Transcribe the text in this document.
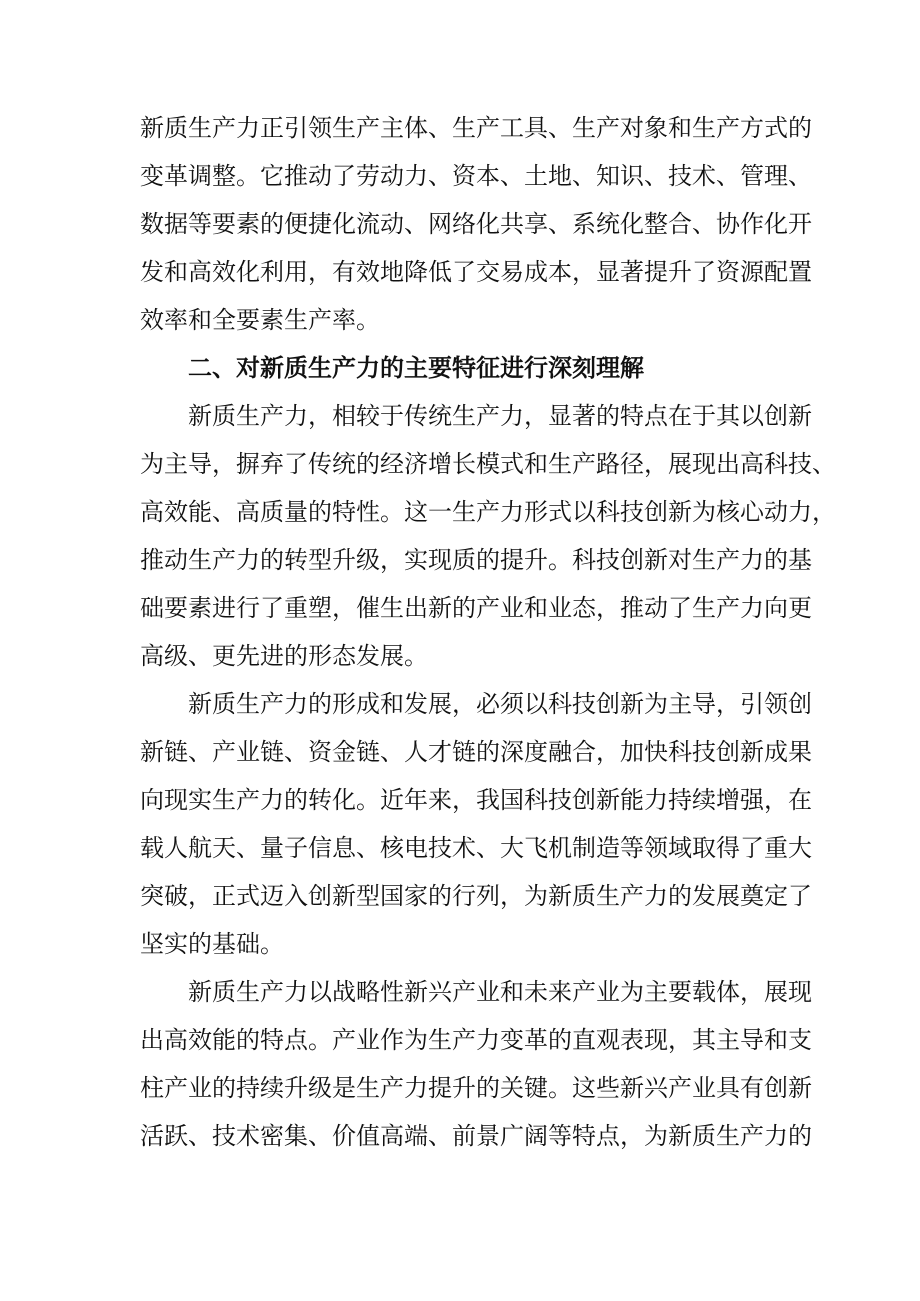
新质生产力正引领生产主体、生产工具、生产对象和生产方式的
变革调整。它推动了劳动力、资本、土地、知识、技术、管理、
数据等要素的便捷化流动、网络化共享、系统化整合、协作化开
发和高效化利用，有效地降低了交易成本，显著提升了资源配置
效率和全要素生产率。
二、对新质生产力的主要特征进行深刻理解
新质生产力，相较于传统生产力，显著的特点在于其以创新
为主导，摒弃了传统的经济增长模式和生产路径，展现出高科技、
高效能、高质量的特性。这一生产力形式以科技创新为核心动力，
推动生产力的转型升级，实现质的提升。科技创新对生产力的基
础要素进行了重塑，催生出新的产业和业态，推动了生产力向更
高级、更先进的形态发展。
新质生产力的形成和发展，必须以科技创新为主导，引领创
新链、产业链、资金链、人才链的深度融合，加快科技创新成果
向现实生产力的转化。近年来，我国科技创新能力持续增强，在
载人航天、量子信息、核电技术、大飞机制造等领域取得了重大
突破，正式迈入创新型国家的行列，为新质生产力的发展奠定了
坚实的基础。
新质生产力以战略性新兴产业和未来产业为主要载体，展现
出高效能的特点。产业作为生产力变革的直观表现，其主导和支
柱产业的持续升级是生产力提升的关键。这些新兴产业具有创新
活跃、技术密集、价值高端、前景广阔等特点，为新质生产力的
